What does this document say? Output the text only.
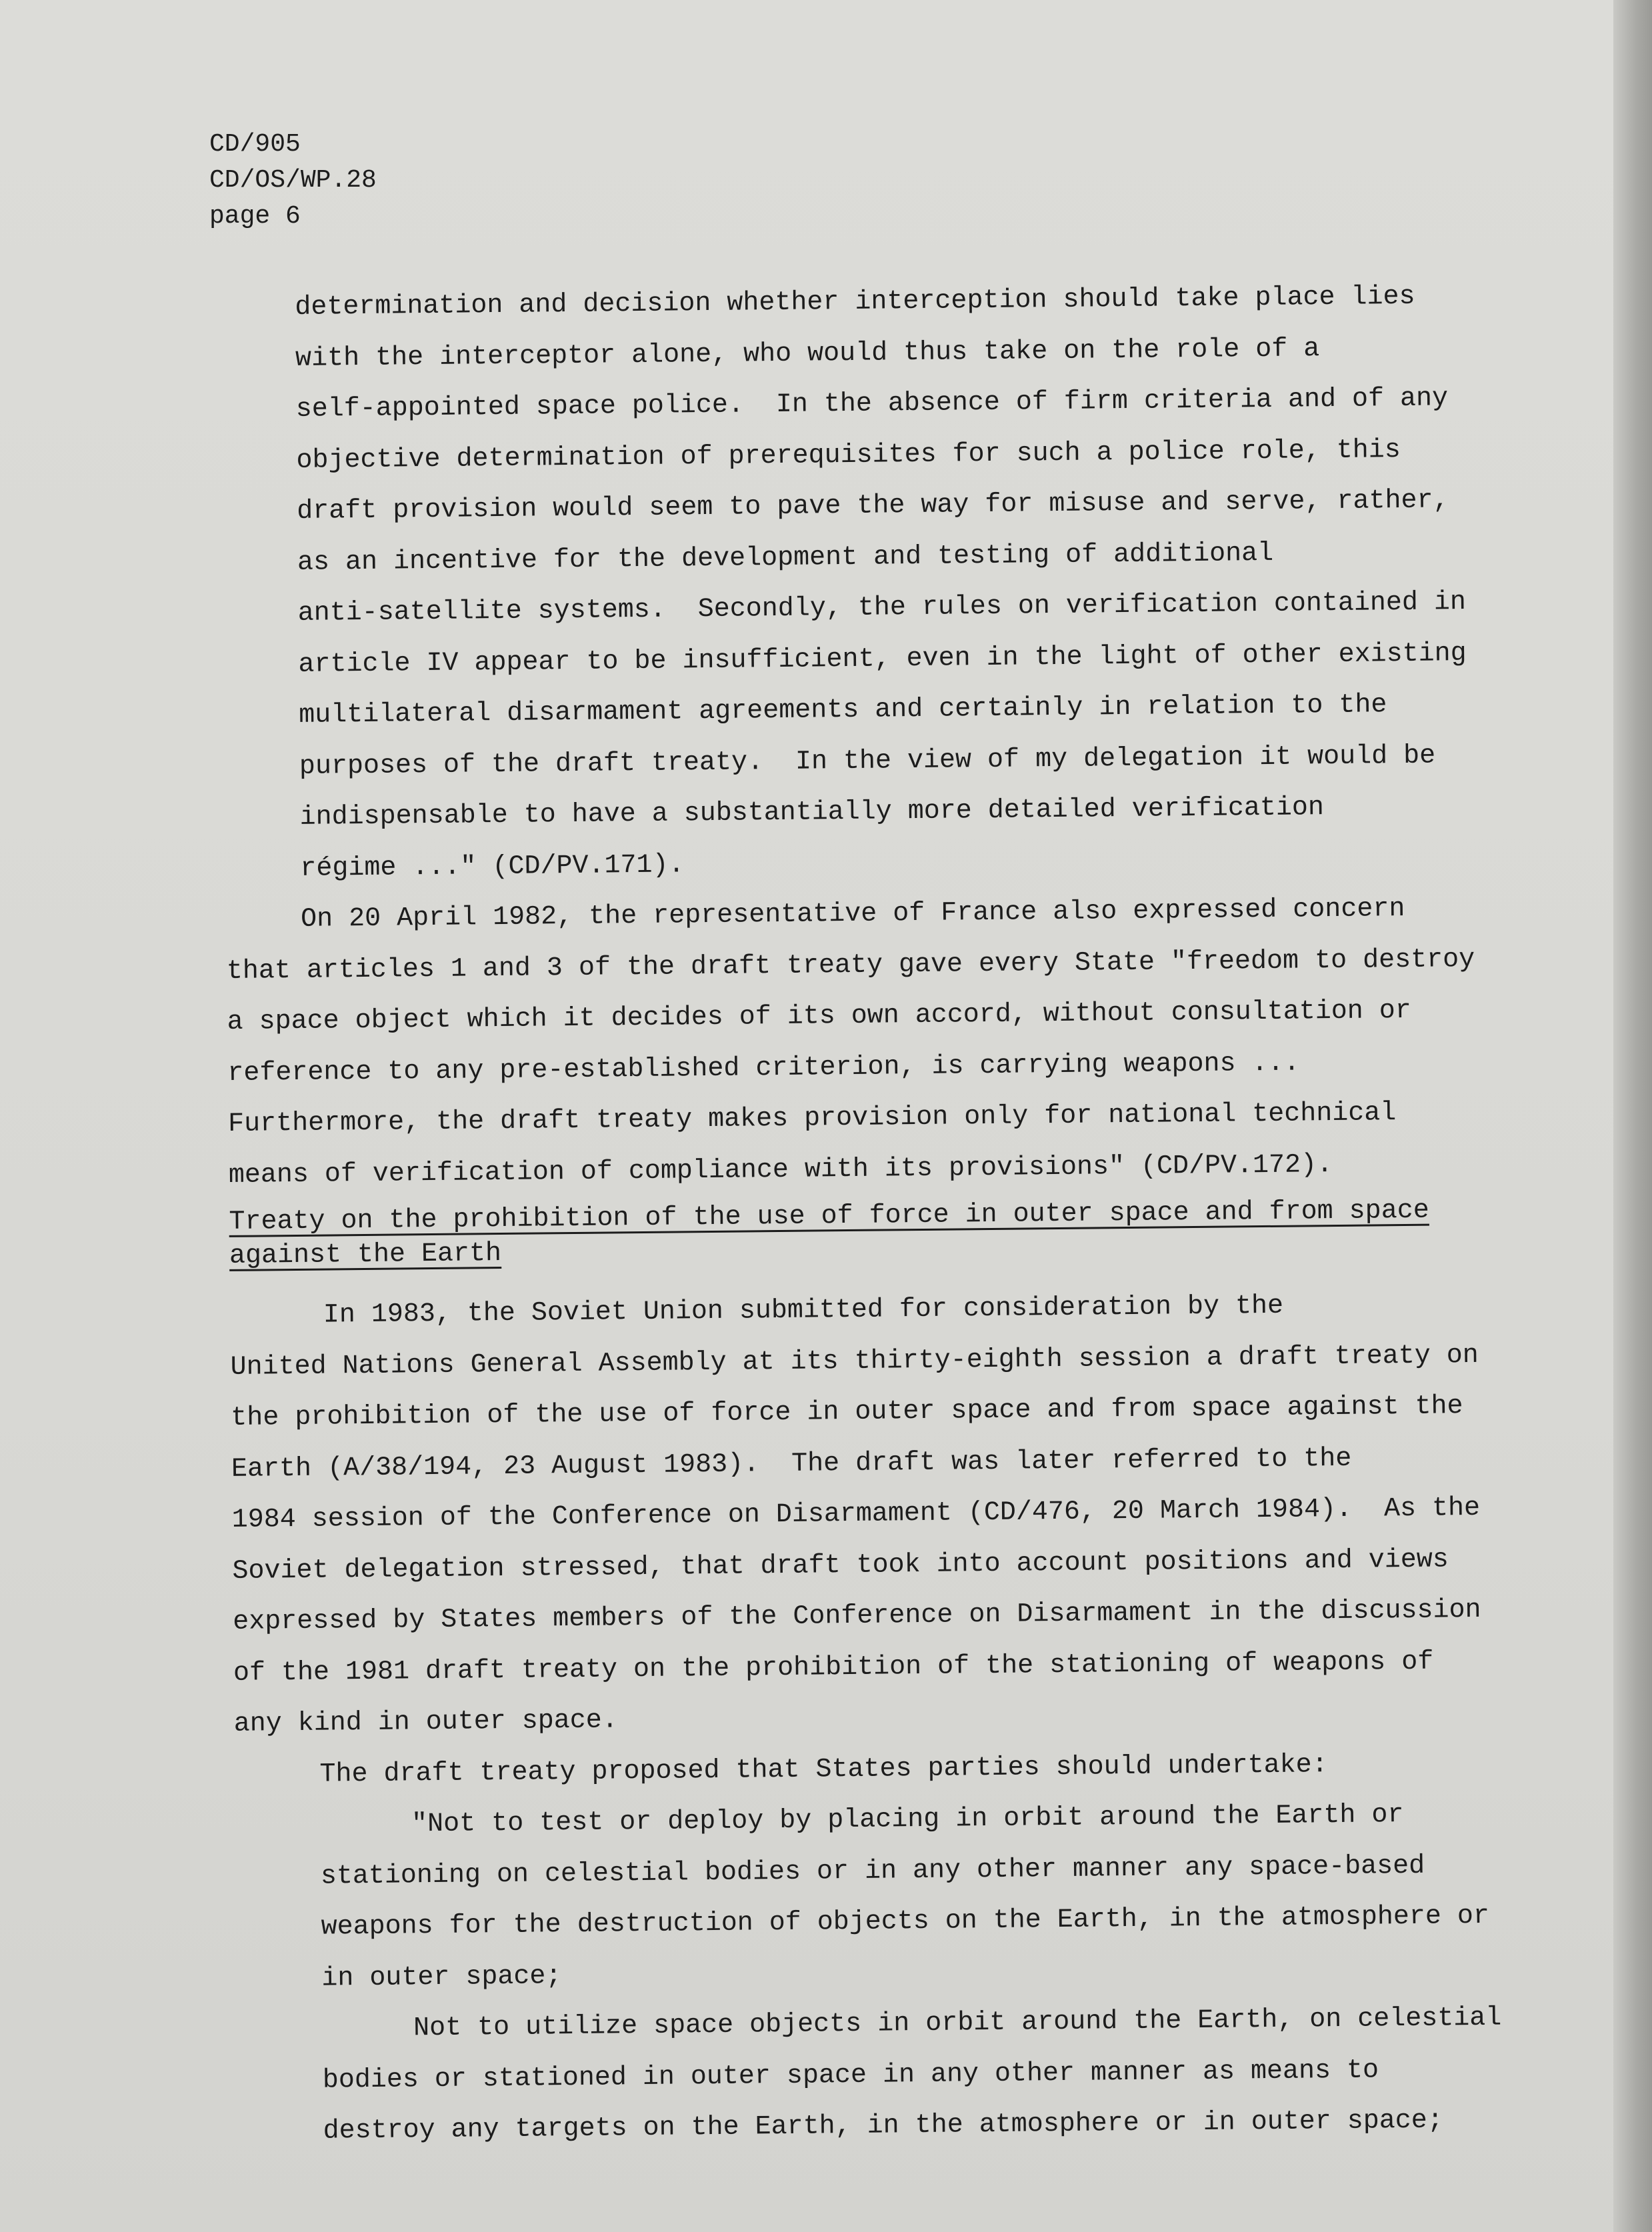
CD/905
CD/OS/WP.28
page 6
determination and decision whether interception should take place lies
with the interceptor alone, who would thus take on the role of a
self-appointed space police.  In the absence of firm criteria and of any
objective determination of prerequisites for such a police role, this
draft provision would seem to pave the way for misuse and serve, rather,
as an incentive for the development and testing of additional
anti-satellite systems.  Secondly, the rules on verification contained in
article IV appear to be insufficient, even in the light of other existing
multilateral disarmament agreements and certainly in relation to the
purposes of the draft treaty.  In the view of my delegation it would be
indispensable to have a substantially more detailed verification
régime ..." (CD/PV.171).
On 20 April 1982, the representative of France also expressed concern
that articles 1 and 3 of the draft treaty gave every State "freedom to destroy
a space object which it decides of its own accord, without consultation or
reference to any pre-established criterion, is carrying weapons ...
Furthermore, the draft treaty makes provision only for national technical
means of verification of compliance with its provisions" (CD/PV.172).
Treaty on the prohibition of the use of force in outer space and from space
against the Earth
In 1983, the Soviet Union submitted for consideration by the
United Nations General Assembly at its thirty-eighth session a draft treaty on
the prohibition of the use of force in outer space and from space against the
Earth (A/38/194, 23 August 1983).  The draft was later referred to the
1984 session of the Conference on Disarmament (CD/476, 20 March 1984).  As the
Soviet delegation stressed, that draft took into account positions and views
expressed by States members of the Conference on Disarmament in the discussion
of the 1981 draft treaty on the prohibition of the stationing of weapons of
any kind in outer space.
The draft treaty proposed that States parties should undertake:
"Not to test or deploy by placing in orbit around the Earth or
stationing on celestial bodies or in any other manner any space-based
weapons for the destruction of objects on the Earth, in the atmosphere or
in outer space;
Not to utilize space objects in orbit around the Earth, on celestial
bodies or stationed in outer space in any other manner as means to
destroy any targets on the Earth, in the atmosphere or in outer space;
